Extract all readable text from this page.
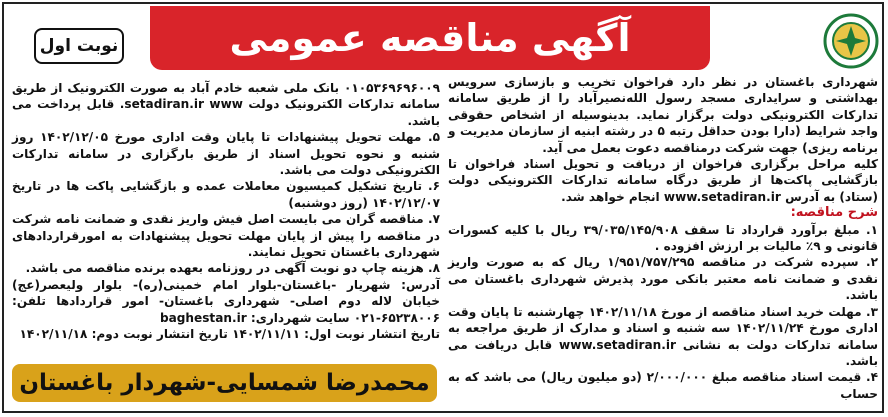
آگهی مناقصه عمومی
نوبت اول

شهرداری باغستان در نظر دارد فراخوان تخریب و بازسازی سرویس بهداشتی و سرایداری مسجد رسول الله‌نصیرآباد را از طریق سامانه تدارکات الکترونیکی دولت برگزار نماید. بدینوسیله از اشخاص حقوقی واجد شرایط (دارا بودن حداقل رتبه ۵ در رشته ابنیه از سازمان مدیریت و برنامه ریزی) جهت شرکت درمناقصه دعوت بعمل می آید.

کلیه مراحل برگزاری فراخوان از دریافت و تحویل اسناد فراخوان تا بازگشایی پاکت‌ها از طریق درگاه سامانه تدارکات الکترونیکی دولت (ستاد) به آدرس www.setadiran.ir انجام خواهد شد.

شرح مناقصه:

۱. مبلغ برآورد قرارداد تا سقف ۳۹/۰۳۵/۱۴۵/۹۰۸ ریال با کلیه کسورات قانونی و ۹٪ مالیات بر ارزش افزوده .

۲. سپرده شرکت در مناقصه ۱/۹۵۱/۷۵۷/۲۹۵ ریال که به صورت واریز نقدی و ضمانت نامه معتبر بانکی مورد پذیرش شهرداری باغستان می باشد.

۳. مهلت خرید اسناد مناقصه از مورخ ۱۴۰۲/۱۱/۱۸ چهارشنبه تا پایان وقت اداری مورخ ۱۴۰۲/۱۱/۲۴ سه شنبه و اسناد و مدارک از طریق مراجعه به سامانه تدارکات دولت به نشانی www.setadiran.ir قابل دریافت می باشد.

۴. قیمت اسناد مناقصه مبلغ ۲/۰۰۰/۰۰۰ (دو میلیون ریال) می باشد که به حساب

۰۱۰۵۳۶۹۶۹۶۰۰۹ بانک ملی شعبه خادم آباد به صورت الکترونیک از طریق سامانه تدارکات الکترونیک دولت setadiran.ir www. قابل پرداخت می باشد.

۵. مهلت تحویل پیشنهادات تا پایان وقت اداری مورخ ۱۴۰۲/۱۲/۰۵ روز شنبه و نحوه تحویل اسناد از طریق بارگزاری در سامانه تدارکات الکترونیکی دولت می باشد.

۶. تاریخ تشکیل کمیسیون معاملات عمده و بازگشایی پاکت ها در تاریخ ۱۴۰۲/۱۲/۰۷ (روز دوشنبه)

۷. مناقصه گران می بایست اصل فیش واریز نقدی و ضمانت نامه شرکت در مناقصه را پیش از پایان مهلت تحویل پیشنهادات به امورقراردادهای شهرداری باغستان تحویل نمایند.

۸. هزینه چاپ دو نوبت آگهی در روزنامه بعهده برنده مناقصه می باشد.

آدرس: شهریار -باغستان-بلوار امام خمینی(ره)- بلوار ولیعصر(عج) خیابان لاله دوم اصلی- شهرداری باغستان- امور قراردادها تلفن: ۶۵۲۳۸۰۰۶-۰۲۱ سایت شهرداری: baghestan.ir

تاریخ انتشار نوبت اول: ۱۴۰۲/۱۱/۱۱ تاریخ انتشار نوبت دوم: ۱۴۰۲/۱۱/۱۸

محمدرضا شمسایی-شهردار باغستان
